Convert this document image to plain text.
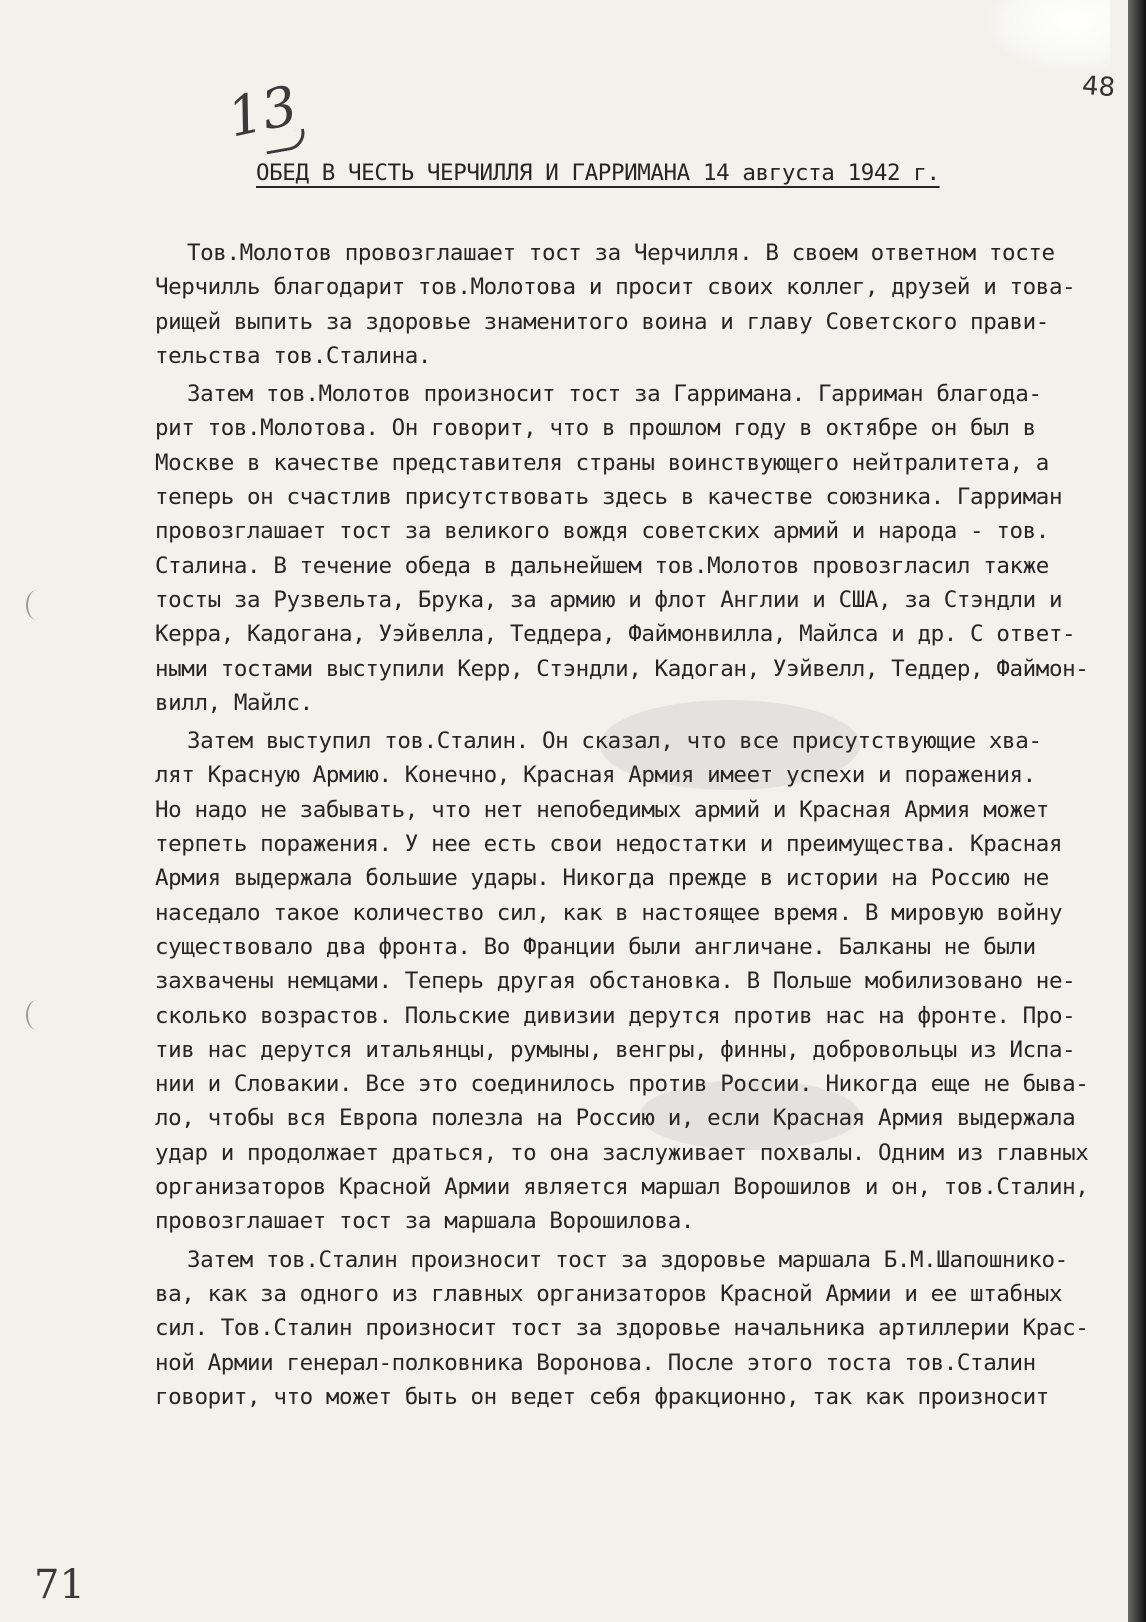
48
13
ОБЕД В ЧЕСТЬ ЧЕРЧИЛЛЯ И ГАРРИМАНА 14 августа 1942 г.
Тов.Молотов провозглашает тост за Черчилля. В своем ответном тосте
Черчилль благодарит тов.Молотова и просит своих коллег, друзей и това-
рищей выпить за здоровье знаменитого воина и главу Советского прави-
тельства тов.Сталина.
Затем тов.Молотов произносит тост за Гарримана. Гарриман благода-
рит тов.Молотова. Он говорит, что в прошлом году в октябре он был в
Москве в качестве представителя страны воинствующего нейтралитета, а
теперь он счастлив присутствовать здесь в качестве союзника. Гарриман
провозглашает тост за великого вождя советских армий и народа - тов.
Сталина. В течение обеда в дальнейшем тов.Молотов провозгласил также
тосты за Рузвельта, Брука, за армию и флот Англии и США, за Стэндли и
Керра, Кадогана, Уэйвелла, Теддера, Файмонвилла, Майлса и др. С ответ-
ными тостами выступили Керр, Стэндли, Кадоган, Уэйвелл, Теддер, Файмон-
вилл, Майлс.
Затем выступил тов.Сталин. Он сказал, что все присутствующие хва-
лят Красную Армию. Конечно, Красная Армия имеет успехи и поражения.
Но надо не забывать, что нет непобедимых армий и Красная Армия может
терпеть поражения. У нее есть свои недостатки и преимущества. Красная
Армия выдержала большие удары. Никогда прежде в истории на Россию не
наседало такое количество сил, как в настоящее время. В мировую войну
существовало два фронта. Во Франции были англичане. Балканы не были
захвачены немцами. Теперь другая обстановка. В Польше мобилизовано не-
сколько возрастов. Польские дивизии дерутся против нас на фронте. Про-
тив нас дерутся итальянцы, румыны, венгры, финны, добровольцы из Испа-
нии и Словакии. Все это соединилось против России. Никогда еще не быва-
ло, чтобы вся Европа полезла на Россию и, если Красная Армия выдержала
удар и продолжает драться, то она заслуживает похвалы. Одним из главных
организаторов Красной Армии является маршал Ворошилов и он, тов.Сталин,
провозглашает тост за маршала Ворошилова.
Затем тов.Сталин произносит тост за здоровье маршала Б.М.Шапошнико-
ва, как за одного из главных организаторов Красной Армии и ее штабных
сил. Тов.Сталин произносит тост за здоровье начальника артиллерии Крас-
ной Армии генерал-полковника Воронова. После этого тоста тов.Сталин
говорит, что может быть он ведет себя фракционно, так как произносит
71
